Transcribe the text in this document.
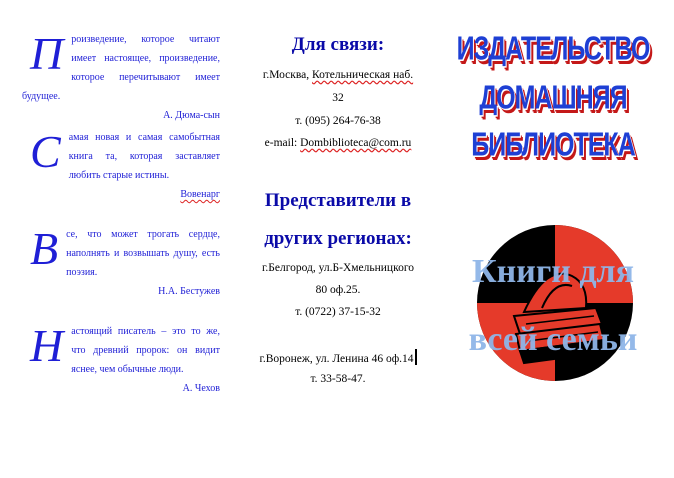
П роизведение, которое читают имеет настоящее, произведение, которое перечитывают имеет будущее.
А. Дюма-сын
С амая новая и самая самобытная книга та, которая заставляет любить старые истины.
Вовенарг
В се, что может трогать сердце, наполнять и возвышать душу, есть поэзия.
Н.А. Бестужев
Н астоящий писатель – это то же, что древний пророк: он видит яснее, чем обычные люди.
А. Чехов
Для связи:
г.Москва, Котельническая наб.
32
т. (095) 264-76-38
e-mail: Dombiblioteca@com.ru
Представители в
других регионах:
г.Белгород, ул.Б-Хмельницкого
80 оф.25.
т. (0722) 37-15-32
г.Воронеж, ул. Ленина 46 оф.14
т. 33-58-47.
ИЗДАТЕЛЬСТВО
ДОМАШНЯЯ
БИБЛИОТЕКА
Книги для
всей семьи
